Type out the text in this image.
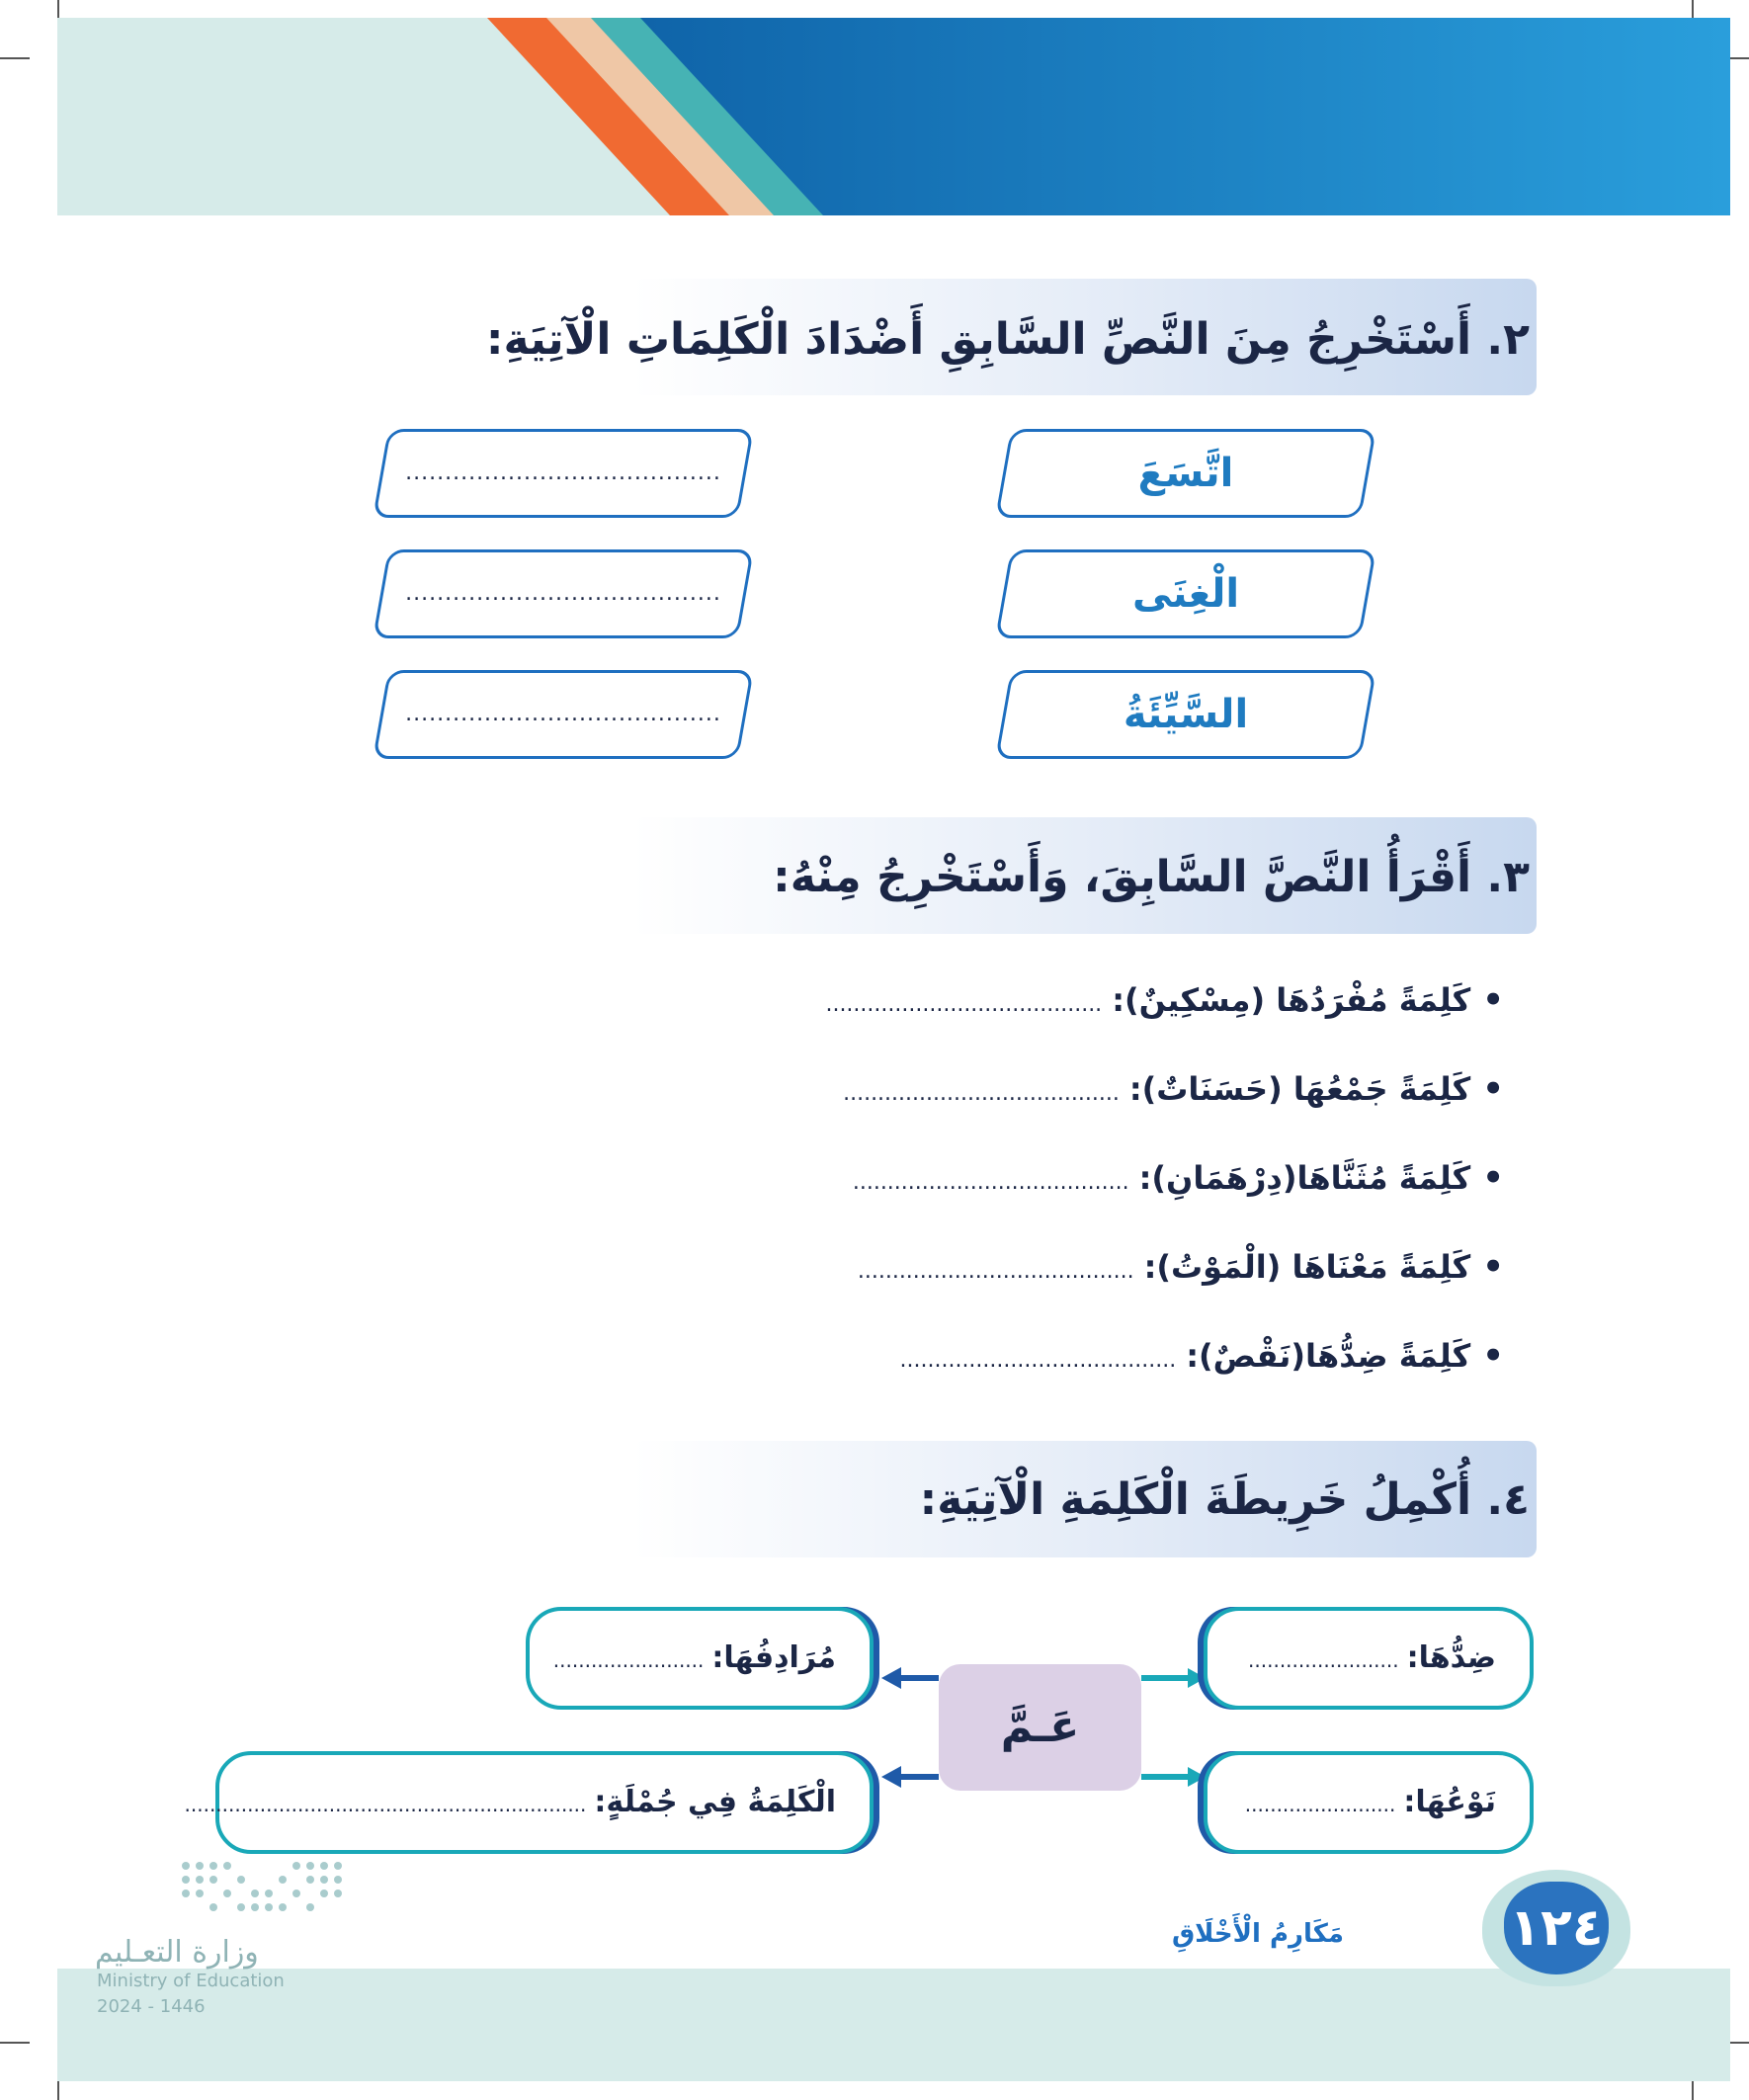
٢. أَسْتَخْرِجُ مِنَ النَّصِّ السَّابِقِ أَضْدَادَ الْكَلِمَاتِ الْآتِيَةِ:
اتَّسَعَ
الْغِنَى
السَّيِّئَةُ
........................................
........................................
........................................
٣. أَقْرَأُ النَّصَّ السَّابِقَ، وَأَسْتَخْرِجُ مِنْهُ:
•كَلِمَةً مُفْرَدُهَا (مِسْكِينٌ):........................................
•كَلِمَةً جَمْعُهَا (حَسَنَاتٌ):........................................
•كَلِمَةً مُثَنَّاهَا(دِرْهَمَانِ):........................................
•كَلِمَةً مَعْنَاهَا (الْمَوْتُ):........................................
•كَلِمَةً ضِدُّهَا(نَقْصٌ):........................................
٤. أُكْمِلُ خَرِيطَةَ الْكَلِمَةِ الْآتِيَةِ:
عَـمَّ
ضِدُّهَا:........................
نَوْعُهَا:........................
مُرَادِفُهَا:........................
الْكَلِمَةُ فِي جُمْلَةٍ:................................................................
١٢٤
مَكَارِمُ الْأَخْلَاقِ
وزارة التعـليم
Ministry of Education
2024 - 1446
